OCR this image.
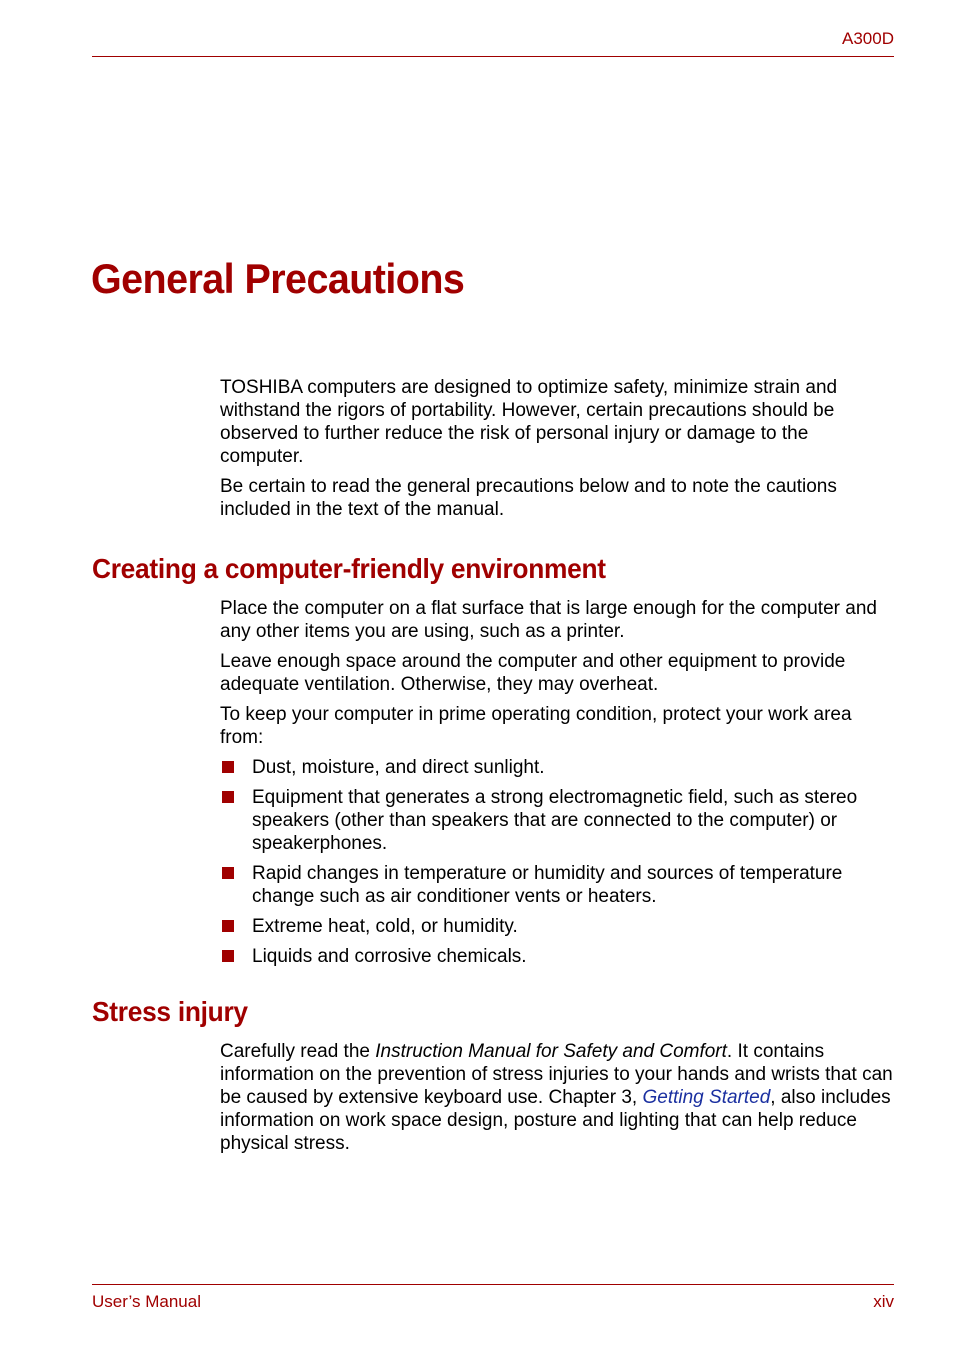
A300D
General Precautions

TOSHIBA computers are designed to optimize safety, minimize strain and withstand the rigors of portability. However, certain precautions should be observed to further reduce the risk of personal injury or damage to the computer.

Be certain to read the general precautions below and to note the cautions included in the text of the manual.

Creating a computer-friendly environment

Place the computer on a flat surface that is large enough for the computer and any other items you are using, such as a printer.

Leave enough space around the computer and other equipment to provide adequate ventilation. Otherwise, they may overheat.

To keep your computer in prime operating condition, protect your work area from:

Dust, moisture, and direct sunlight.
Equipment that generates a strong electromagnetic field, such as stereo speakers (other than speakers that are connected to the computer) or speakerphones.
Rapid changes in temperature or humidity and sources of temperature change such as air conditioner vents or heaters.
Extreme heat, cold, or humidity.
Liquids and corrosive chemicals.
Stress injury

Carefully read the Instruction Manual for Safety and Comfort. It contains information on the prevention of stress injuries to your hands and wrists that can be caused by extensive keyboard use. Chapter 3, Getting Started, also includes information on work space design, posture and lighting that can help reduce physical stress.

User’s Manual	xiv
